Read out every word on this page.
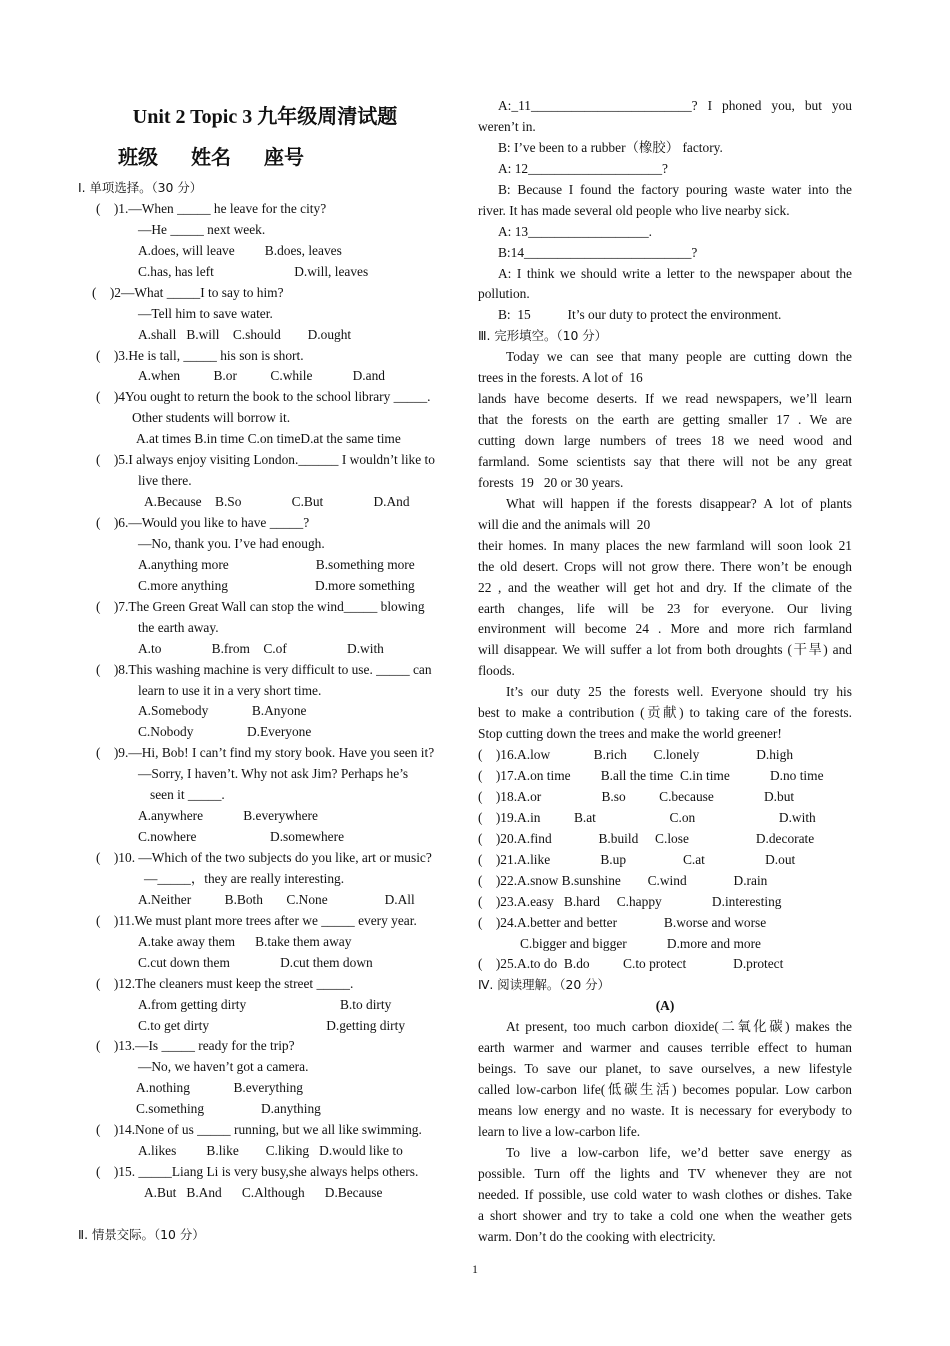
Unit 2 Topic 3 九年级周清试题
班级 姓名 座号
Ⅰ. 单项选择。（30 分）
(    )1.—When _____ he leave for the city?
—He _____ next week.
A.does, will leave         B.does, leaves
C.has, has left                        D.will, leaves
(    )2—What _____I to say to him?
—Tell him to save water.
A.shall   B.will    C.should        D.ought
(    )3.He is tall, _____ his son is short.
A.when          B.or          C.while            D.and
(    )4You ought to return the book to the school library _____.
Other students will borrow it.
A.at times B.in time C.on timeD.at the same time
(    )5.I always enjoy visiting London.______ I wouldn’t like to
live there.
A.Because    B.So               C.But               D.And
(    )6.—Would you like to have _____?
—No, thank you. I’ve had enough.
A.anything more                          B.something more
C.more anything                          D.more something
(    )7.The Green Great Wall can stop the wind_____ blowing
the earth away.
A.to               B.from    C.of                  D.with
(    )8.This washing machine is very difficult to use. _____ can
learn to use it in a very short time.
A.Somebody             B.Anyone
C.Nobody                D.Everyone
(    )9.—Hi, Bob! I can’t find my story book. Have you seen it?
—Sorry, I haven’t. Why not ask Jim? Perhaps he’s
seen it _____.
A.anywhere            B.everywhere
C.nowhere                      D.somewhere
(    )10. —Which of the two subjects do you like, art or music?
—_____，they are really interesting.
A.Neither          B.Both       C.None                 D.All
(    )11.We must plant more trees after we _____ every year.
A.take away them      B.take them away
C.cut down them               D.cut them down
(    )12.The cleaners must keep the street _____.
A.from getting dirty                            B.to dirty
C.to get dirty                                   D.getting dirty
(    )13.—Is _____ ready for the trip?
—No, we haven’t got a camera.
A.nothing             B.everything
C.something                 D.anything
(    )14.None of us _____ running, but we all like swimming.
A.likes         B.like        C.liking   D.would like to
(    )15. _____Liang Li is very busy,she always helps others.
A.But   B.And      C.Although      D.Because
Ⅱ. 情景交际。（10 分）
A:_11________________________? I phoned you, but you
weren’t in.
B: I’ve been to a rubber（橡胶） factory.
A: 12____________________?
B: Because I found the factory pouring waste water into the
river. It has made several old people who live nearby sick.
A: 13__________________.
B:14_________________________?
A: I think we should write a letter to the newspaper about the
pollution.
B:  15           It’s our duty to protect the environment.
Ⅲ. 完形填空。（10 分）
Today we can see that many people are cutting down the
trees in the forests. A lot of  16
lands have become deserts. If we read newspapers, we’ll learn
that the forests on the earth are getting smaller 17 . We are
cutting down large numbers of trees 18 we need wood and
farmland. Some scientists say that there will not be any great
forests  19   20 or 30 years.
What will happen if the forests disappear? A lot of plants
will die and the animals will  20
their homes. In many places the new farmland will soon look 21
the old desert. Crops will not grow there. There won’t be enough
22 , and the weather will get hot and dry. If the climate of the
earth changes, life will be 23 for everyone. Our living
environment will become 24 . More and more rich farmland
will disappear. We will suffer a lot from both droughts (干旱) and
floods.
It’s our duty 25 the forests well. Everyone should try his
best to make a contribution (贡献) to taking care of the forests.
Stop cutting down the trees and make the world greener!
(    )16.A.low             B.rich        C.lonely                 D.high
(    )17.A.on time         B.all the time  C.in time            D.no time
(    )18.A.or                  B.so          C.because               D.but
(    )19.A.in          B.at                      C.on                         D.with
(    )20.A.find              B.build     C.lose                    D.decorate
(    )21.A.like               B.up                 C.at                  D.out
(    )22.A.snow B.sunshine        C.wind              D.rain
(    )23.A.easy   B.hard     C.happy               D.interesting
(    )24.A.better and better              B.worse and worse
C.bigger and bigger            D.more and more
(    )25.A.to do  B.do          C.to protect              D.protect
Ⅳ. 阅读理解。（20 分）
(A)
At present, too much carbon dioxide(二氧化碳) makes the
earth warmer and warmer and causes terrible effect to human
beings. To save our planet, to save ourselves, a new lifestyle
called low-carbon life(低碳生活) becomes popular. Low carbon
means low energy and no waste. It is necessary for everybody to
learn to live a low-carbon life.
To live a low-carbon life, we’d better save energy as
possible. Turn off the lights and TV whenever they are not
needed. If possible, use cold water to wash clothes or dishes. Take
a short shower and try to take a cold one when the weather gets
warm. Don’t do the cooking with electricity.
1
